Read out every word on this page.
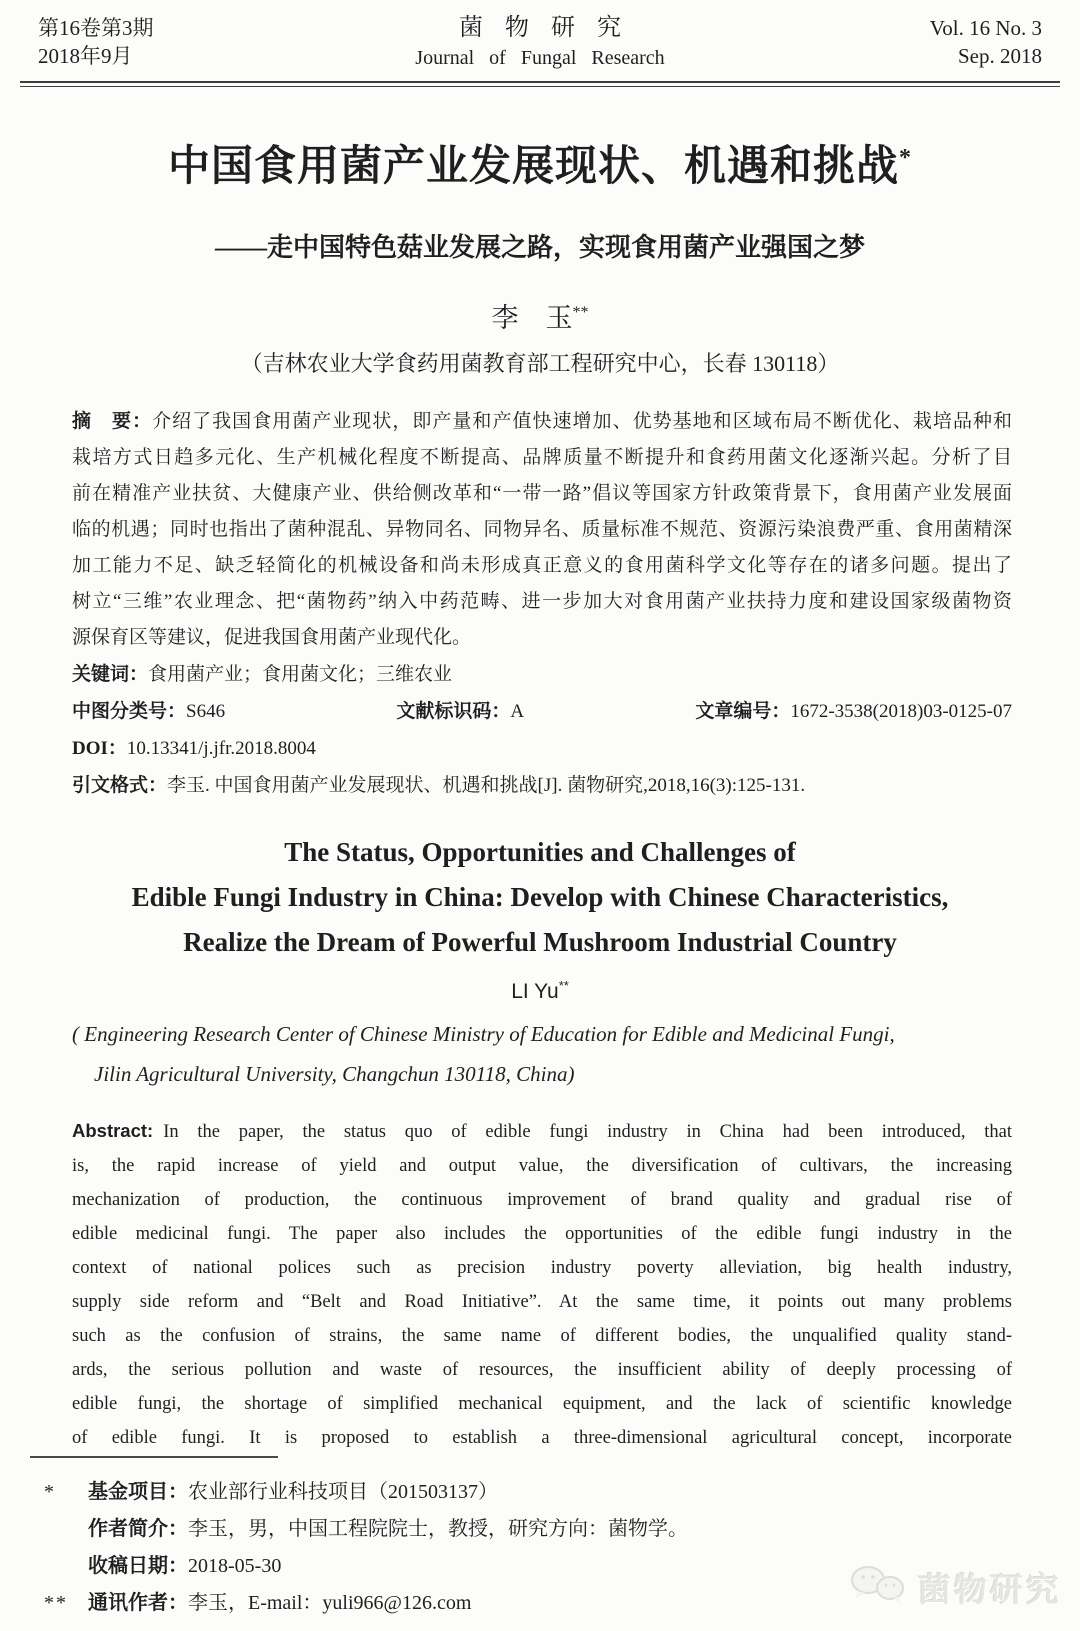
第16卷第3期
2018年9月
菌物研究
Journal of Fungal Research
Vol. 16 No. 3
Sep. 2018
中国食用菌产业发展现状、机遇和挑战*
——走中国特色菇业发展之路，实现食用菌产业强国之梦
李　玉**
（吉林农业大学食药用菌教育部工程研究中心，长春 130118）
摘　要：介绍了我国食用菌产业现状，即产量和产值快速增加、优势基地和区域布局不断优化、栽培品种和
栽培方式日趋多元化、生产机械化程度不断提高、品牌质量不断提升和食药用菌文化逐渐兴起。分析了目
前在精准产业扶贫、大健康产业、供给侧改革和“一带一路”倡议等国家方针政策背景下，食用菌产业发展面
临的机遇；同时也指出了菌种混乱、异物同名、同物异名、质量标准不规范、资源污染浪费严重、食用菌精深
加工能力不足、缺乏轻简化的机械设备和尚未形成真正意义的食用菌科学文化等存在的诸多问题。提出了
树立“三维”农业理念、把“菌物药”纳入中药范畴、进一步加大对食用菌产业扶持力度和建设国家级菌物资
源保育区等建议，促进我国食用菌产业现代化。
关键词：食用菌产业；食用菌文化；三维农业
中图分类号：S646	文献标识码：A	文章编号：1672-3538(2018)03-0125-07
DOI：10.13341/j.jfr.2018.8004
引文格式：李玉. 中国食用菌产业发展现状、机遇和挑战[J]. 菌物研究,2018,16(3):125-131.
The Status, Opportunities and Challenges of
Edible Fungi Industry in China: Develop with Chinese Characteristics,
Realize the Dream of Powerful Mushroom Industrial Country
LI Yu**
( Engineering Research Center of Chinese Ministry of Education for Edible and Medicinal Fungi,
Jilin Agricultural University, Changchun 130118, China)
Abstract: In the paper, the status quo of edible fungi industry in China had been introduced, that
is, the rapid increase of yield and output value, the diversification of cultivars, the increasing
mechanization of production, the continuous improvement of brand quality and gradual rise of
edible medicinal fungi. The paper also includes the opportunities of the edible fungi industry in the
context of national polices such as precision industry poverty alleviation, big health industry,
supply side reform and “Belt and Road Initiative”. At the same time, it points out many problems
such as the confusion of strains, the same name of different bodies, the unqualified quality stand-
ards, the serious pollution and waste of resources, the insufficient ability of deeply processing of
edible fungi, the shortage of simplified mechanical equipment, and the lack of scientific knowledge
of edible fungi. It is proposed to establish a three-dimensional agricultural concept, incorporate
*	基金项目：农业部行业科技项目（201503137）
作者简介：李玉，男，中国工程院院士，教授，研究方向：菌物学。
收稿日期：2018-05-30
**	通讯作者：李玉，E-mail：yuli966@126.com	菌物研究
